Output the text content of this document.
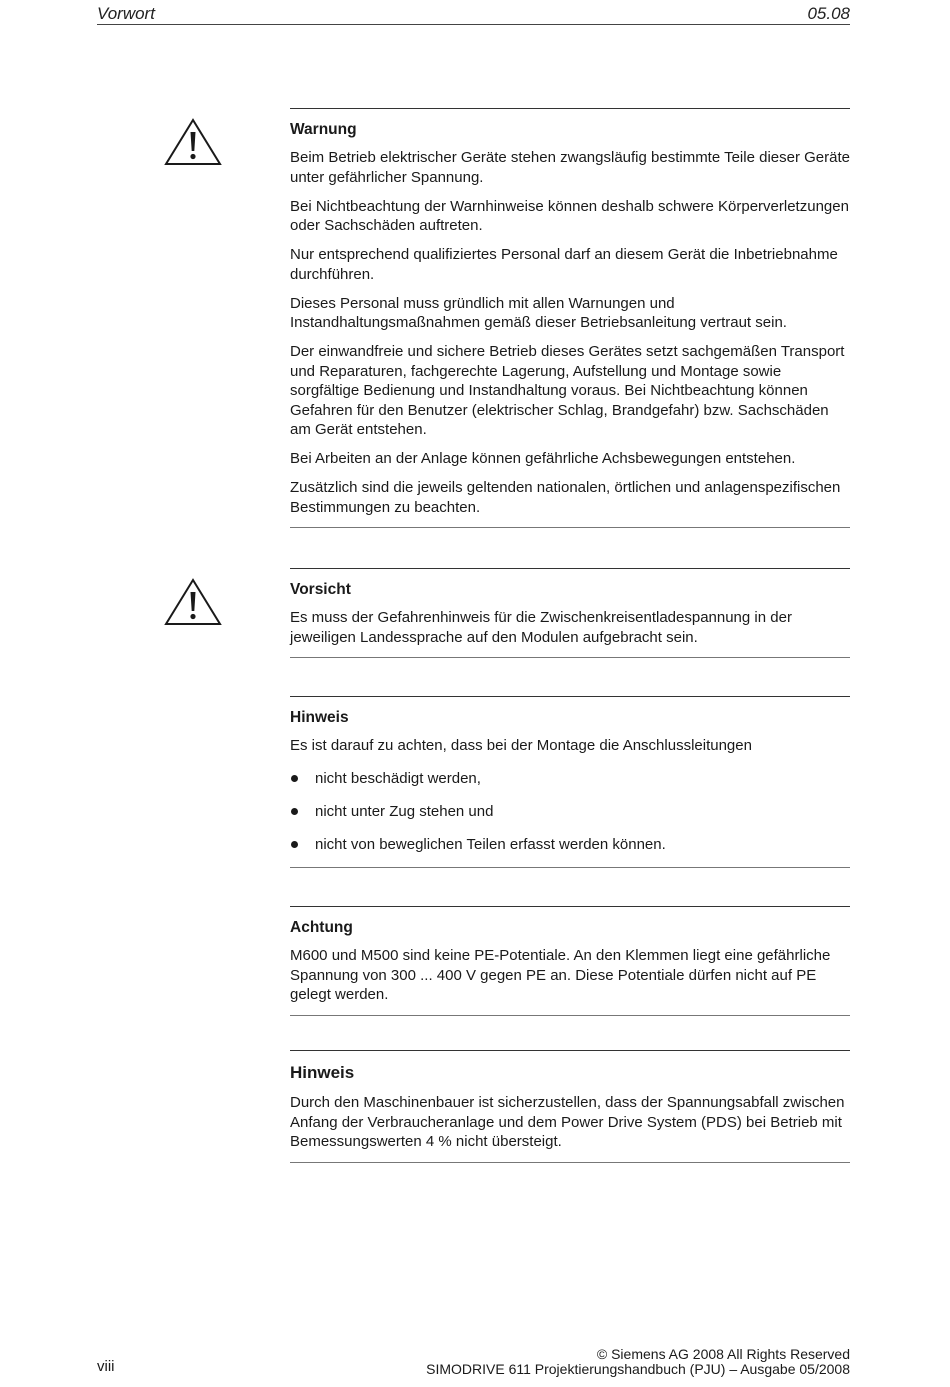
Vorwort	05.08
Warnung

Beim Betrieb elektrischer Geräte stehen zwangsläufig bestimmte Teile dieser Geräte unter gefährlicher Spannung.

Bei Nichtbeachtung der Warnhinweise können deshalb schwere Körperverletzungen oder Sachschäden auftreten.

Nur entsprechend qualifiziertes Personal darf an diesem Gerät die Inbetriebnahme durchführen.

Dieses Personal muss gründlich mit allen Warnungen und Instandhaltungsmaßnahmen gemäß dieser Betriebsanleitung vertraut sein.

Der einwandfreie und sichere Betrieb dieses Gerätes setzt sachgemäßen Transport und Reparaturen, fachgerechte Lagerung, Aufstellung und Montage sowie sorgfältige Bedienung und Instandhaltung voraus. Bei Nichtbeachtung können Gefahren für den Benutzer (elektrischer Schlag, Brandgefahr) bzw. Sachschäden am Gerät entstehen.

Bei Arbeiten an der Anlage können gefährliche Achsbewegungen entstehen.

Zusätzlich sind die jeweils geltenden nationalen, örtlichen und anlagenspezifischen Bestimmungen zu beachten.

Vorsicht

Es muss der Gefahrenhinweis für die Zwischenkreisentladespannung in der jeweiligen Landessprache auf den Modulen aufgebracht sein.

Hinweis

Es ist darauf zu achten, dass bei der Montage die Anschlussleitungen

nicht beschädigt werden,
nicht unter Zug stehen und
nicht von beweglichen Teilen erfasst werden können.
Achtung

M600 und M500 sind keine PE-Potentiale. An den Klemmen liegt eine gefährliche Spannung von 300 ... 400 V gegen PE an. Diese Potentiale dürfen nicht auf PE gelegt werden.

Hinweis

Durch den Maschinenbauer ist sicherzustellen, dass der Spannungsabfall zwischen Anfang der Verbraucheranlage und dem Power Drive System (PDS) bei Betrieb mit Bemessungswerten 4 % nicht übersteigt.

viii
© Siemens AG 2008 All Rights Reserved
SIMODRIVE 611 Projektierungshandbuch (PJU) – Ausgabe 05/2008
